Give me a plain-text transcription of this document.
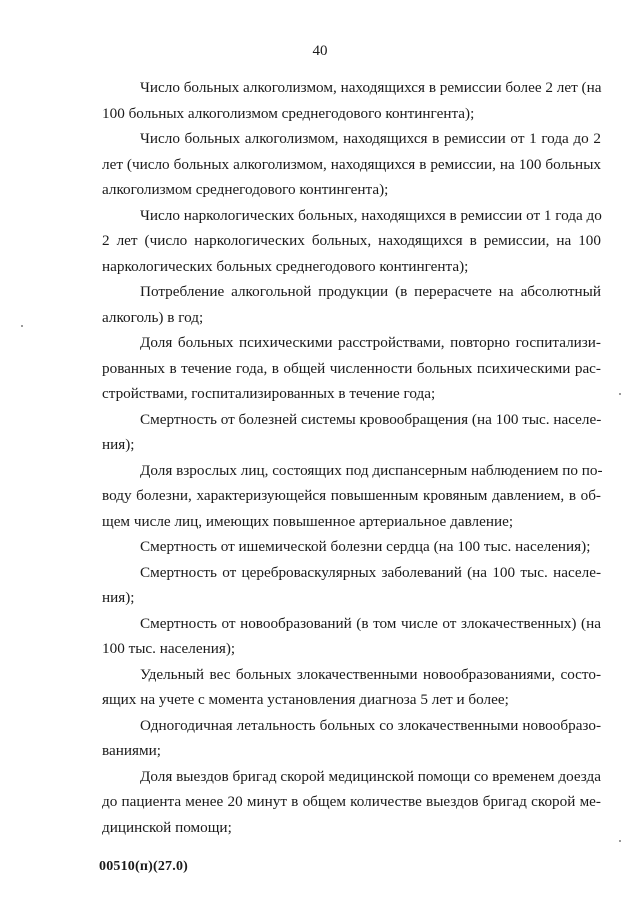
40
Число больных алкоголизмом, находящихся в ремиссии более 2 лет (на
100 больных алкоголизмом среднегодового контингента);
Число больных алкоголизмом, находящихся в ремиссии от 1 года до 2
лет (число больных алкоголизмом, находящихся в ремиссии, на 100 больных
алкоголизмом среднегодового контингента);
Число наркологических больных, находящихся в ремиссии от 1 года до
2 лет (число наркологических больных, находящихся в ремиссии, на 100
наркологических больных среднегодового контингента);
Потребление алкогольной продукции (в перерасчете на абсолютный
алкоголь) в год;
Доля больных психическими расстройствами, повторно госпитализи-
рованных в течение года, в общей численности больных психическими рас-
стройствами, госпитализированных в течение года;
Смертность от болезней системы кровообращения (на 100 тыс. населе-
ния);
Доля взрослых лиц, состоящих под диспансерным наблюдением по по-
воду болезни, характеризующейся повышенным кровяным давлением, в об-
щем числе лиц, имеющих повышенное артериальное давление;
Смертность от ишемической болезни сердца (на 100 тыс. населения);
Смертность от цереброваскулярных заболеваний (на 100 тыс. населе-
ния);
Смертность от новообразований (в том числе от злокачественных) (на
100 тыс. населения);
Удельный вес больных злокачественными новообразованиями, состо-
ящих на учете с момента установления диагноза 5 лет и более;
Одногодичная летальность больных со злокачественными новообразо-
ваниями;
Доля выездов бригад скорой медицинской помощи со временем доезда
до пациента менее 20 минут в общем количестве выездов бригад скорой ме-
дицинской помощи;
00510(п)(27.0)
